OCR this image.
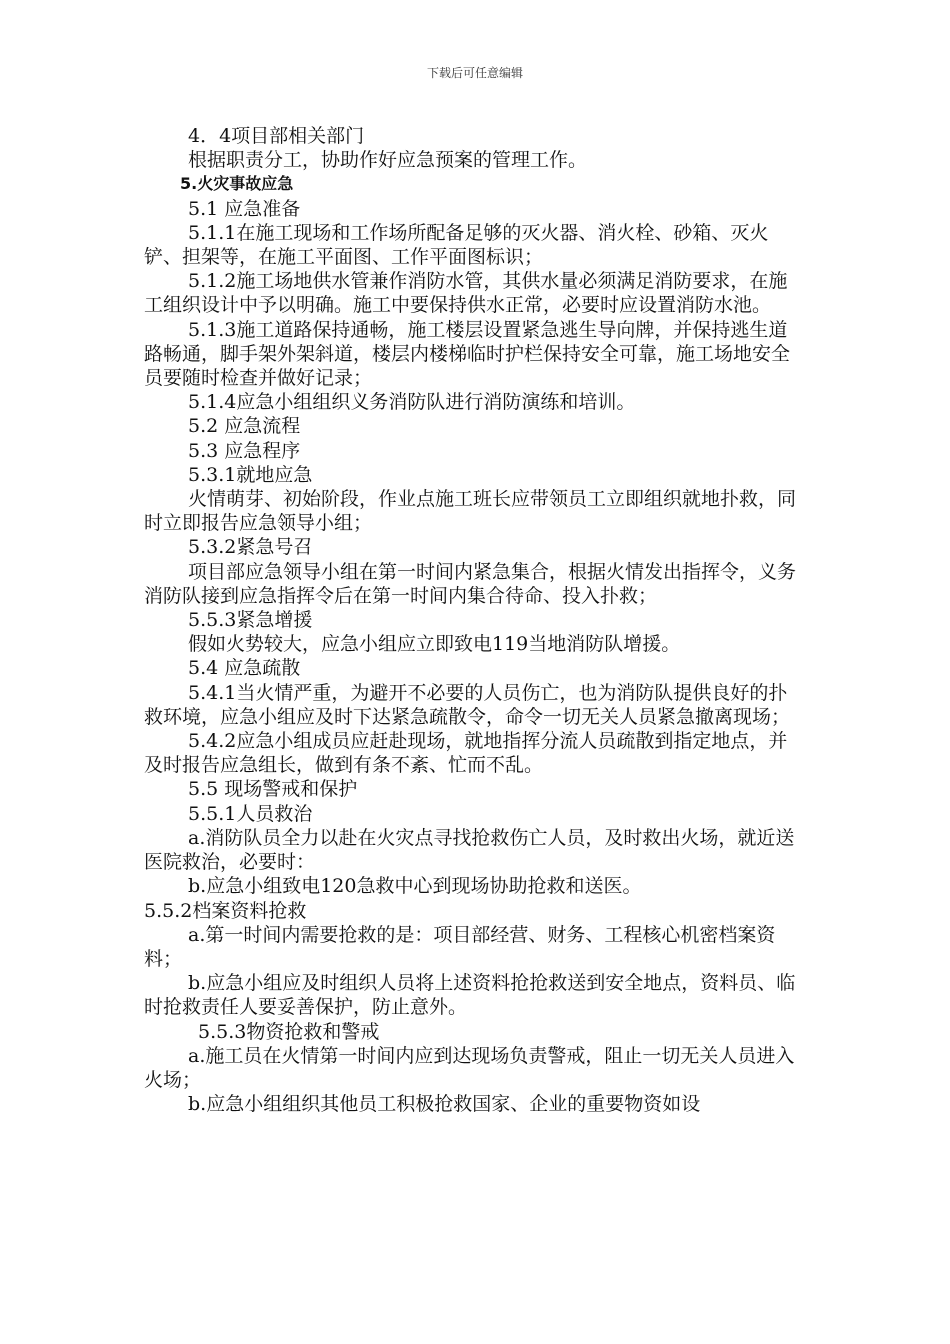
下载后可任意编辑

4．4项目部相关部门

根据职责分工，协助作好应急预案的管理工作。

5.火灾事故应急

5.1 应急准备

5.1.1在施工现场和工作场所配备足够的灭火器、消火栓、砂箱、灭火铲、担架等，在施工平面图、工作平面图标识；

5.1.2施工场地供水管兼作消防水管，其供水量必须满足消防要求，在施工组织设计中予以明确。施工中要保持供水正常，必要时应设置消防水池。

5.1.3施工道路保持通畅，施工楼层设置紧急逃生导向牌，并保持逃生道路畅通，脚手架外架斜道，楼层内楼梯临时护栏保持安全可靠，施工场地安全员要随时检查并做好记录；

5.1.4应急小组组织义务消防队进行消防演练和培训。

5.2 应急流程

5.3 应急程序

5.3.1就地应急

火情萌芽、初始阶段，作业点施工班长应带领员工立即组织就地扑救，同时立即报告应急领导小组；

5.3.2紧急号召

项目部应急领导小组在第一时间内紧急集合，根据火情发出指挥令，义务消防队接到应急指挥令后在第一时间内集合待命、投入扑救；

5.5.3紧急增援

假如火势较大，应急小组应立即致电119当地消防队增援。

5.4 应急疏散

5.4.1当火情严重，为避开不必要的人员伤亡，也为消防队提供良好的扑救环境，应急小组应及时下达紧急疏散令，命令一切无关人员紧急撤离现场；

5.4.2应急小组成员应赶赴现场，就地指挥分流人员疏散到指定地点，并及时报告应急组长，做到有条不紊、忙而不乱。

5.5 现场警戒和保护

5.5.1人员救治

a.消防队员全力以赴在火灾点寻找抢救伤亡人员，及时救出火场，就近送医院救治，必要时：

b.应急小组致电120急救中心到现场协助抢救和送医。

5.5.2档案资料抢救

a.第一时间内需要抢救的是：项目部经营、财务、工程核心机密档案资料；

b.应急小组应及时组织人员将上述资料抢抢救送到安全地点，资料员、临时抢救责任人要妥善保护，防止意外。

5.5.3物资抢救和警戒

a.施工员在火情第一时间内应到达现场负责警戒，阻止一切无关人员进入火场；

b.应急小组组织其他员工积极抢救国家、企业的重要物资如设
